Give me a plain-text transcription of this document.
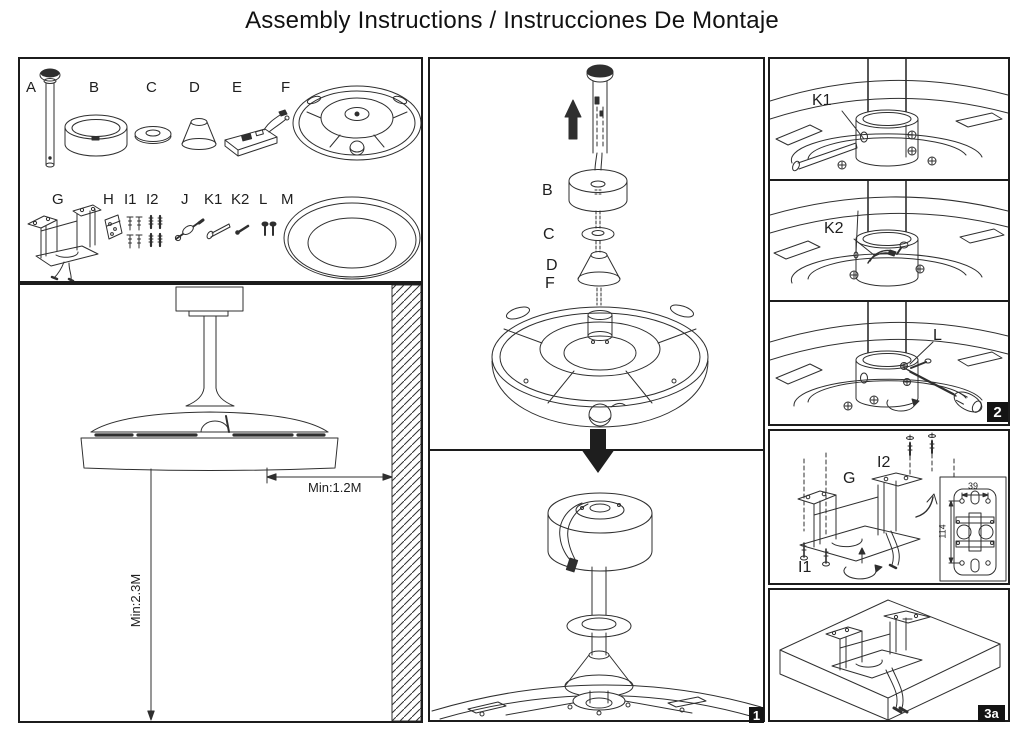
Assembly Instructions / Instrucciones De Montaje
A	B	C D E	F
G	H I1 I2 J K1 K2 L M
Min:1.2M
Min:2.3M
B
C
D
F
K1
K2
L
G
I2
I1
39
114
1
2
3a
